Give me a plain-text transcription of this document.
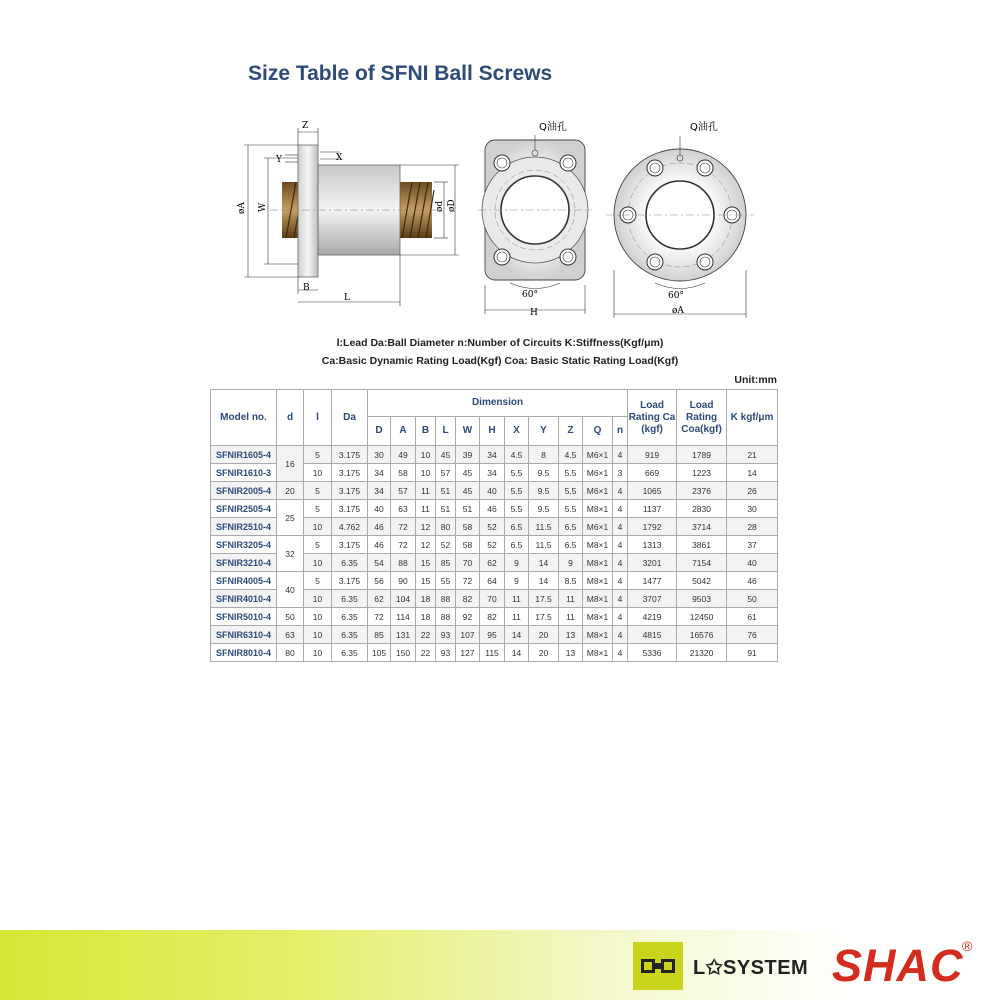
Size Table of SFNI Ball Screws
Z
X
Y
øA W	ød øD
B
L
Q油孔
60°
H
Q油孔
60°
øA
l:Lead Da:Ball Diameter n:Number of Circuits K:Stiffness(Kgf/μm)
Ca:Basic Dynamic Rating Load(Kgf) Coa: Basic Static Rating Load(Kgf)
Unit:mm
Model no.	d	l	Da	Dimension											Load Rating Ca (kgf)	Load Rating Coa(kgf)	K kgf/μm
				D	A	B	L	W	H	X	Y	Z	Q	n			
SFNIR1605-4	16	5	3.175	30	49	10	45	39	34	4.5	8	4.5	M6×1	4	919	1789	21
SFNIR1610-3		10	3.175	34	58	10	57	45	34	5.5	9.5	5.5	M6×1	3	669	1223	14
SFNIR2005-4	20	5	3.175	34	57	11	51	45	40	5.5	9.5	5.5	M6×1	4	1065	2376	26
SFNIR2505-4	25	5	3.175	40	63	11	51	51	46	5.5	9.5	5.5	M8×1	4	1137	2830	30
SFNIR2510-4		10	4.762	46	72	12	80	58	52	6.5	11.5	6.5	M6×1	4	1792	3714	28
SFNIR3205-4	32	5	3.175	46	72	12	52	58	52	6.5	11.5	6.5	M8×1	4	1313	3861	37
SFNIR3210-4		10	6.35	54	88	15	85	70	62	9	14	9	M8×1	4	3201	7154	40
SFNIR4005-4	40	5	3.175	56	90	15	55	72	64	9	14	8.5	M8×1	4	1477	5042	46
SFNIR4010-4		10	6.35	62	104	18	88	82	70	11	17.5	11	M8×1	4	3707	9503	50
SFNIR5010-4	50	10	6.35	72	114	18	88	92	82	11	17.5	11	M8×1	4	4219	12450	61
SFNIR6310-4	63	10	6.35	85	131	22	93	107	95	14	20	13	M8×1	4	4815	16576	76
SFNIR8010-4	80	10	6.35	105	150	22	93	127	115	14	20	13	M8×1	4	5336	21320	91
L✩SYSTEM SHAC
®
